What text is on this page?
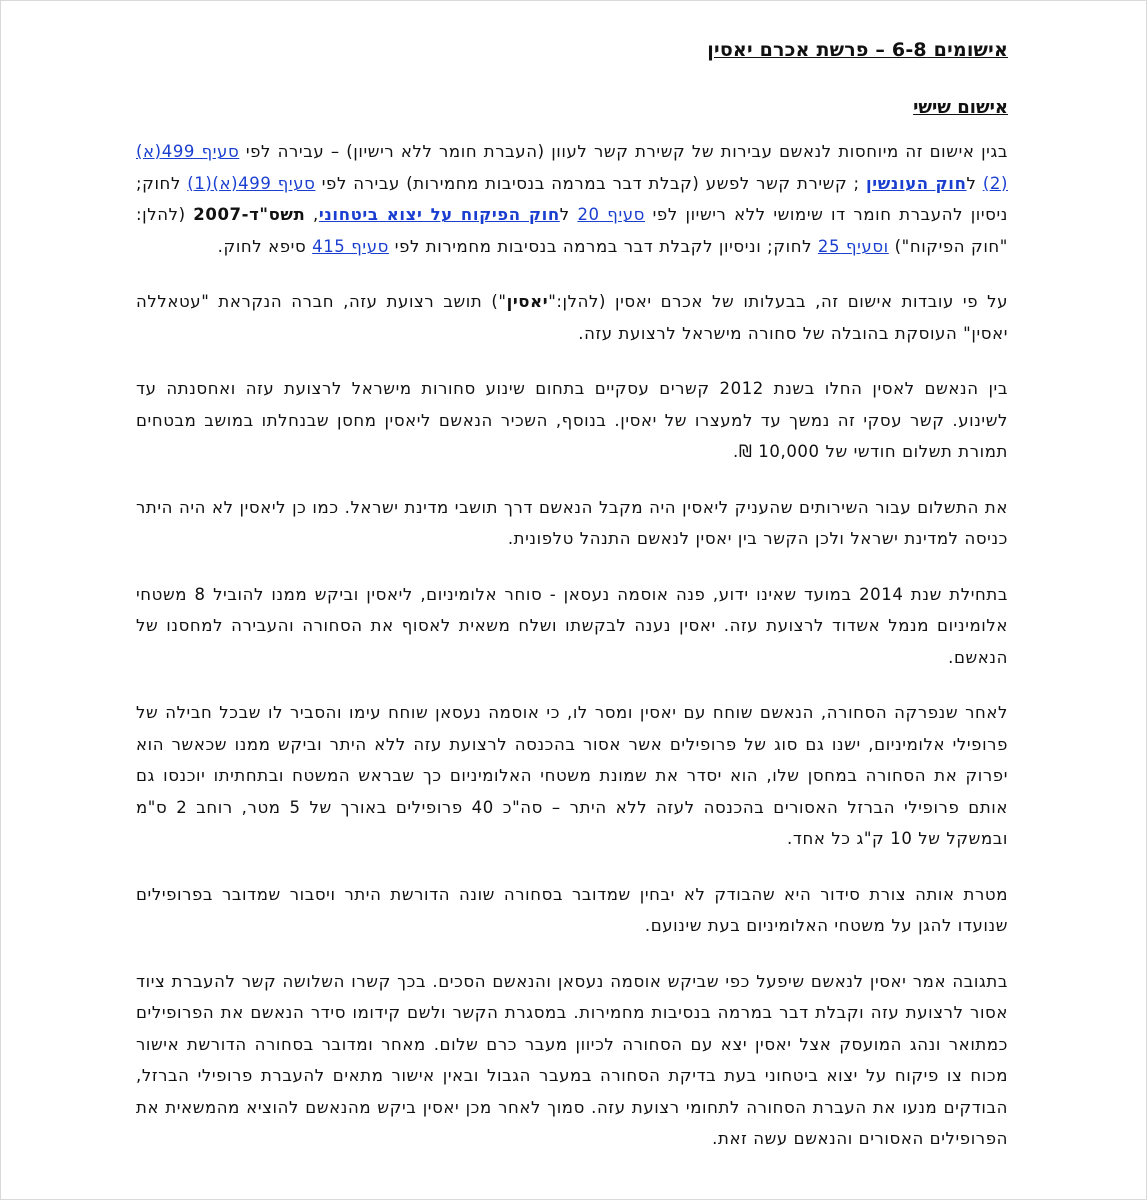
אישומים 6-8 – פרשת אכרם יאסין
אישום שישי

בגין אישום זה מיוחסות לנאשם עבירות של קשירת קשר לעוון (העברת חומר ללא רישיון) – עבירה לפי סעיף 499(א)(2) לחוק העונשין ; קשירת קשר לפשע (קבלת דבר במרמה בנסיבות מחמירות) עבירה לפי סעיף 499(א)(1) לחוק; ניסיון להעברת חומר דו שימושי ללא רישיון לפי סעיף 20 לחוק הפיקוח על יצוא ביטחוני, תשס"ד-2007 (להלן: "חוק הפיקוח") וסעיף 25 לחוק; וניסיון לקבלת דבר במרמה בנסיבות מחמירות לפי סעיף 415 סיפא לחוק.

על פי עובדות אישום זה, בבעלותו של אכרם יאסין (להלן:"יאסין") תושב רצועת עזה, חברה הנקראת "עטאללה יאסין" העוסקת בהובלה של סחורה מישראל לרצועת עזה.

בין הנאשם לאסין החלו בשנת 2012 קשרים עסקיים בתחום שינוע סחורות מישראל לרצועת עזה ואחסנתה עד לשינוע. קשר עסקי זה נמשך עד למעצרו של יאסין. בנוסף, השכיר הנאשם ליאסין מחסן שבנחלתו במושב מבטחים תמורת תשלום חודשי של 10,000 ₪.

את התשלום עבור השירותים שהעניק ליאסין היה מקבל הנאשם דרך תושבי מדינת ישראל. כמו כן ליאסין לא היה היתר כניסה למדינת ישראל ולכן הקשר בין יאסין לנאשם התנהל טלפונית.

בתחילת שנת 2014 במועד שאינו ידוע, פנה אוסמה נעסאן - סוחר אלומיניום, ליאסין וביקש ממנו להוביל 8 משטחי אלומיניום מנמל אשדוד לרצועת עזה. יאסין נענה לבקשתו ושלח משאית לאסוף את הסחורה והעבירה למחסנו של הנאשם.

לאחר שנפרקה הסחורה, הנאשם שוחח עם יאסין ומסר לו, כי אוסמה נעסאן שוחח עימו והסביר לו שבכל חבילה של פרופילי אלומיניום, ישנו גם סוג של פרופילים אשר אסור בהכנסה לרצועת עזה ללא היתר וביקש ממנו שכאשר הוא יפרוק את הסחורה במחסן שלו, הוא יסדר את שמונת משטחי האלומיניום כך שבראש המשטח ובתחתיתו יוכנסו גם אותם פרופילי הברזל האסורים בהכנסה לעזה ללא היתר – סה"כ 40 פרופילים באורך של 5 מטר, רוחב 2 ס"מ ובמשקל של 10 ק"ג כל אחד.

מטרת אותה צורת סידור היא שהבודק לא יבחין שמדובר בסחורה שונה הדורשת היתר ויסבור שמדובר בפרופילים שנועדו להגן על משטחי האלומיניום בעת שינועם.

בתגובה אמר יאסין לנאשם שיפעל כפי שביקש אוסמה נעסאן והנאשם הסכים. בכך קשרו השלושה קשר להעברת ציוד אסור לרצועת עזה וקבלת דבר במרמה בנסיבות מחמירות. במסגרת הקשר ולשם קידומו סידר הנאשם את הפרופילים כמתואר ונהג המועסק אצל יאסין יצא עם הסחורה לכיוון מעבר כרם שלום. מאחר ומדובר בסחורה הדורשת אישור מכוח צו פיקוח על יצוא ביטחוני בעת בדיקת הסחורה במעבר הגבול ובאין אישור מתאים להעברת פרופילי הברזל, הבודקים מנעו את העברת הסחורה לתחומי רצועת עזה. סמוך לאחר מכן יאסין ביקש מהנאשם להוציא מהמשאית את הפרופילים האסורים והנאשם עשה זאת.
